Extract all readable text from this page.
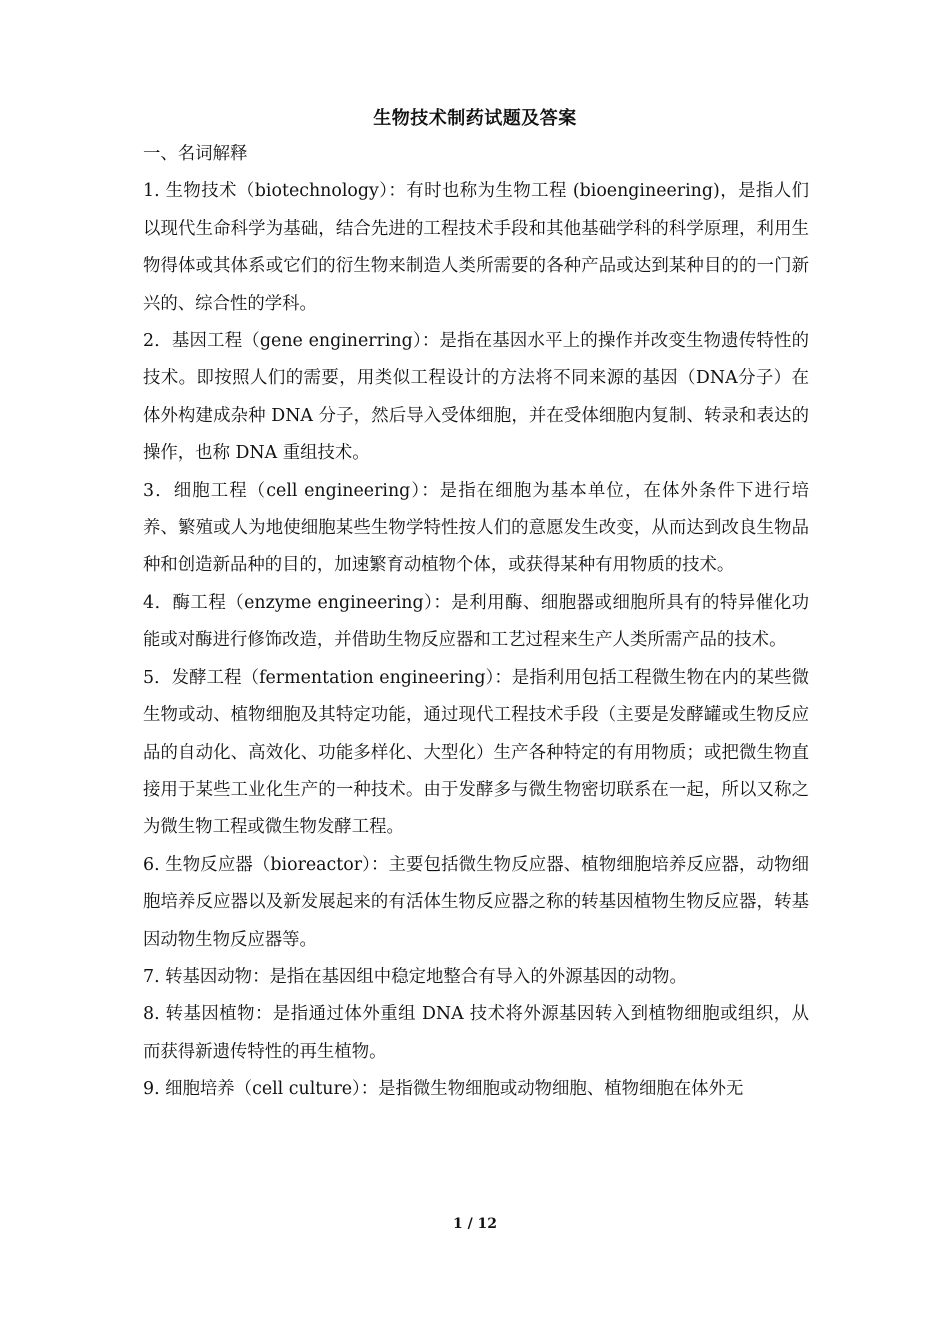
生物技术制药试题及答案

一、名词解释

1. 生物技术（biotechnology）：有时也称为生物工程 (bioengineering)，是指人们以现代生命科学为基础，结合先进的工程技术手段和其他基础学科的科学原理，利用生物得体或其体系或它们的衍生物来制造人类所需要的各种产品或达到某种目的的一门新兴的、综合性的学科。

2．基因工程（gene enginerring）：是指在基因水平上的操作并改变生物遗传特性的技术。即按照人们的需要，用类似工程设计的方法将不同来源的基因（DNA分子）在体外构建成杂种 DNA 分子，然后导入受体细胞，并在受体细胞内复制、转录和表达的操作，也称 DNA 重组技术。

3．细胞工程（cell engineering）：是指在细胞为基本单位，在体外条件下进行培养、繁殖或人为地使细胞某些生物学特性按人们的意愿发生改变，从而达到改良生物品种和创造新品种的目的，加速繁育动植物个体，或获得某种有用物质的技术。

4．酶工程（enzyme engineering）：是利用酶、细胞器或细胞所具有的特异催化功能或对酶进行修饰改造，并借助生物反应器和工艺过程来生产人类所需产品的技术。

5．发酵工程（fermentation engineering）：是指利用包括工程微生物在内的某些微生物或动、植物细胞及其特定功能，通过现代工程技术手段（主要是发酵罐或生物反应品的自动化、高效化、功能多样化、大型化）生产各种特定的有用物质；或把微生物直接用于某些工业化生产的一种技术。由于发酵多与微生物密切联系在一起，所以又称之为微生物工程或微生物发酵工程。

6. 生物反应器（bioreactor）：主要包括微生物反应器、植物细胞培养反应器，动物细胞培养反应器以及新发展起来的有活体生物反应器之称的转基因植物生物反应器，转基因动物生物反应器等。

7. 转基因动物：是指在基因组中稳定地整合有导入的外源基因的动物。

8. 转基因植物：是指通过体外重组 DNA 技术将外源基因转入到植物细胞或组织，从而获得新遗传特性的再生植物。

9. 细胞培养（cell culture）：是指微生物细胞或动物细胞、植物细胞在体外无

1 / 12
